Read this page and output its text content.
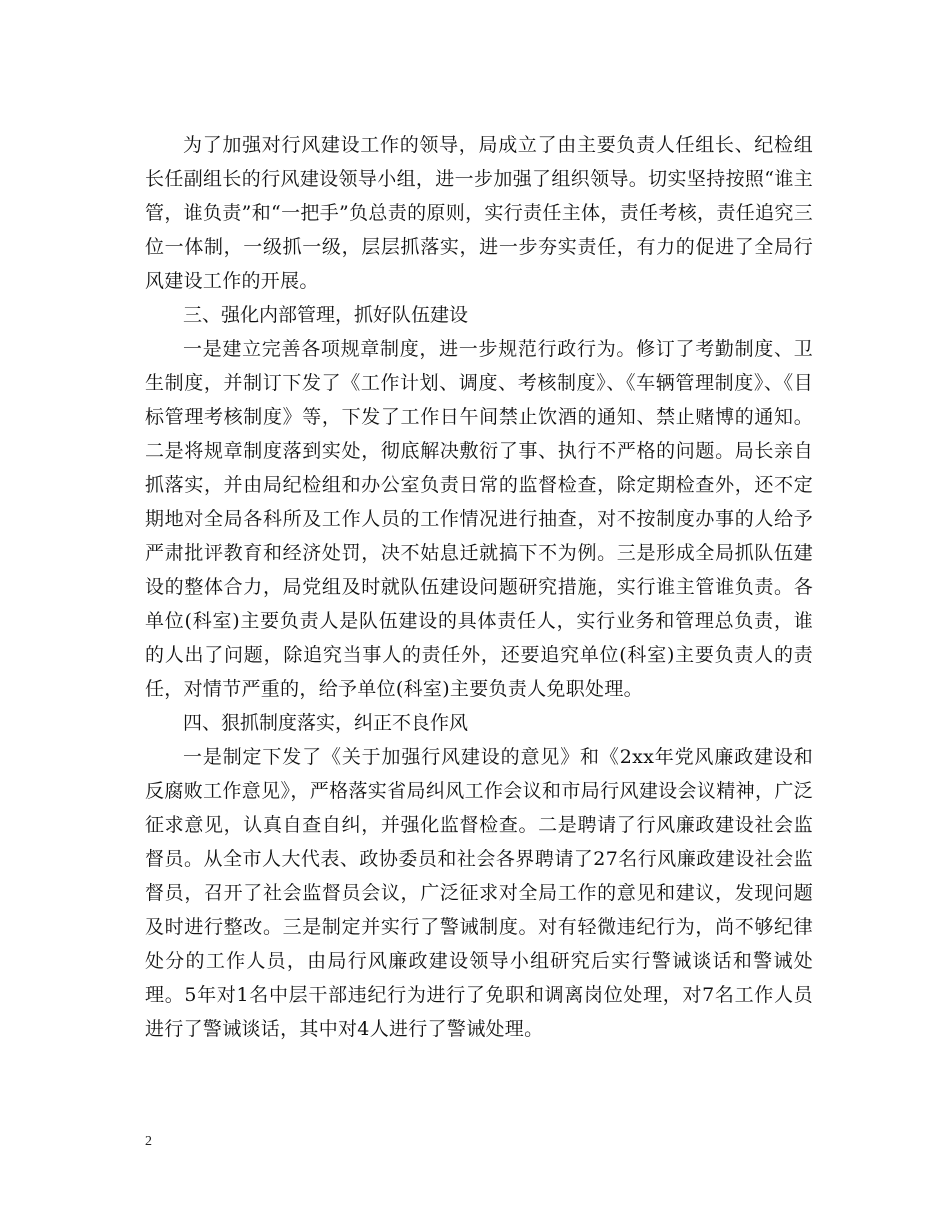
为了加强对行风建设工作的领导，局成立了由主要负责人任组长、纪检组长任副组长的行风建设领导小组，进一步加强了组织领导。切实坚持按照“谁主管，谁负责”和“一把手”负总责的原则，实行责任主体，责任考核，责任追究三位一体制，一级抓一级，层层抓落实，进一步夯实责任，有力的促进了全局行风建设工作的开展。

三、强化内部管理，抓好队伍建设

一是建立完善各项规章制度，进一步规范行政行为。修订了考勤制度、卫生制度，并制订下发了《工作计划、调度、考核制度》、《车辆管理制度》、《目标管理考核制度》等，下发了工作日午间禁止饮酒的通知、禁止赌博的通知。二是将规章制度落到实处，彻底解决敷衍了事、执行不严格的问题。局长亲自抓落实，并由局纪检组和办公室负责日常的监督检查，除定期检查外，还不定期地对全局各科所及工作人员的工作情况进行抽查，对不按制度办事的人给予严肃批评教育和经济处罚，决不姑息迁就搞下不为例。三是形成全局抓队伍建设的整体合力，局党组及时就队伍建设问题研究措施，实行谁主管谁负责。各单位(科室)主要负责人是队伍建设的具体责任人，实行业务和管理总负责，谁的人出了问题，除追究当事人的责任外，还要追究单位(科室)主要负责人的责任，对情节严重的，给予单位(科室)主要负责人免职处理。

四、狠抓制度落实，纠正不良作风

一是制定下发了《关于加强行风建设的意见》和《2xx年党风廉政建设和反腐败工作意见》，严格落实省局纠风工作会议和市局行风建设会议精神，广泛征求意见，认真自查自纠，并强化监督检查。二是聘请了行风廉政建设社会监督员。从全市人大代表、政协委员和社会各界聘请了27名行风廉政建设社会监督员，召开了社会监督员会议，广泛征求对全局工作的意见和建议，发现问题及时进行整改。三是制定并实行了警诫制度。对有轻微违纪行为，尚不够纪律处分的工作人员，由局行风廉政建设领导小组研究后实行警诫谈话和警诫处理。5年对1名中层干部违纪行为进行了免职和调离岗位处理，对7名工作人员进行了警诫谈话，其中对4人进行了警诫处理。

2
